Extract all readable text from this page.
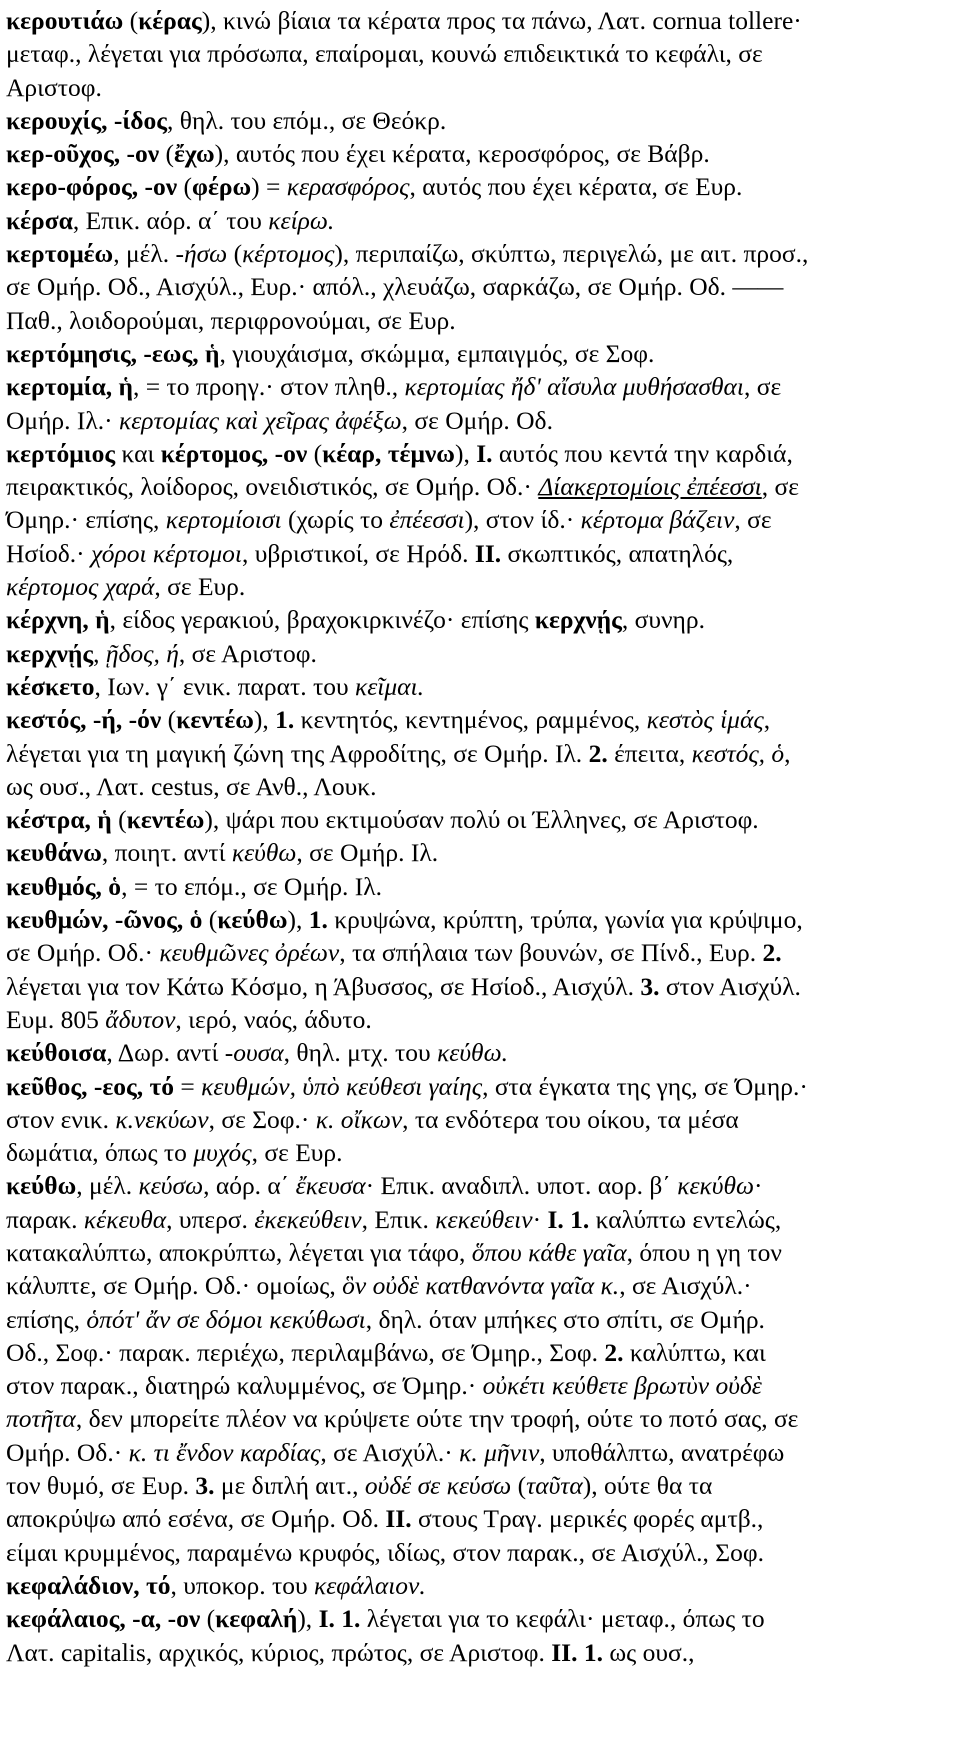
κερουτιάω (κέρας), κινώ βίαια τα κέρατα προς τα πάνω, Λατ. cornua tollere·
μεταφ., λέγεται για πρόσωπα, επαίρομαι, κουνώ επιδεικτικά το κεφάλι, σε
Αριστοφ.
κερουχίς, -ίδος, θηλ. του επόμ., σε Θεόκρ.
κερ-οῦχος, -ον (ἔχω), αυτός που έχει κέρατα, κεροσφόρος, σε Βάβρ.
κερο-φόρος, -ον (φέρω) = κερασφόρος, αυτός που έχει κέρατα, σε Ευρ.
κέρσα, Επικ. αόρ. α΄ του κείρω.
κερτομέω, μέλ. -ήσω (κέρτομος), περιπαίζω, σκύπτω, περιγελώ, με αιτ. προσ.,
σε Ομήρ. Οδ., Αισχύλ., Ευρ.· απόλ., χλευάζω, σαρκάζω, σε Ομήρ. Οδ. ——
Παθ., λοιδορούμαι, περιφρονούμαι, σε Ευρ.
κερτόμησις, -εως, ἡ, γιουχάισμα, σκώμμα, εμπαιγμός, σε Σοφ.
κερτομία, ἡ, = το προηγ.· στον πληθ., κερτομίας ἤδ' αἴσυλα μυθήσασθαι, σε
Ομήρ. Ιλ.· κερτομίας καὶ χεῖρας ἀφέξω, σε Ομήρ. Οδ.
κερτόμιος και κέρτομος, -ον (κέαρ, τέμνω), I. αυτός που κεντά την καρδιά,
πειρακτικός, λοίδορος, ονειδιστικός, σε Ομήρ. Οδ.· Δίακερτομίοις ἐπέεσσι, σε
Όμηρ.· επίσης, κερτομίοισι (χωρίς το ἐπέεσσι), στον ίδ.· κέρτομα βάζειν, σε
Ησίοδ.· χόροι κέρτομοι, υβριστικοί, σε Ηρόδ. II. σκωπτικός, απατηλός,
κέρτομος χαρά, σε Ευρ.
κέρχνη, ἡ, είδος γερακιού, βραχοκιρκινέζο· επίσης κερχνῄς, συνηρ.
κερχνῄς, ῇδος, ή, σε Αριστοφ.
κέσκετο, Ιων. γ΄ ενικ. παρατ. του κεῖμαι.
κεστός, -ή, -όν (κεντέω), 1. κεντητός, κεντημένος, ραμμένος, κεστὸς ἱμάς,
λέγεται για τη μαγική ζώνη της Αφροδίτης, σε Ομήρ. Ιλ. 2. έπειτα, κεστός, ὁ,
ως ουσ., Λατ. cestus, σε Ανθ., Λουκ.
κέστρα, ἡ (κεντέω), ψάρι που εκτιμούσαν πολύ οι Έλληνες, σε Αριστοφ.
κευθάνω, ποιητ. αντί κεύθω, σε Ομήρ. Ιλ.
κευθμός, ὁ, = το επόμ., σε Ομήρ. Ιλ.
κευθμών, -ῶνος, ὁ (κεύθω), 1. κρυψώνα, κρύπτη, τρύπα, γωνία για κρύψιμο,
σε Ομήρ. Οδ.· κευθμῶνες ὀρέων, τα σπήλαια των βουνών, σε Πίνδ., Ευρ. 2.
λέγεται για τον Κάτω Κόσμο, η Άβυσσος, σε Ησίοδ., Αισχύλ. 3. στον Αισχύλ.
Ευμ. 805 ἄδυτον, ιερό, ναός, άδυτο.
κεύθοισα, Δωρ. αντί -ουσα, θηλ. μτχ. του κεύθω.
κεῦθος, -εος, τό = κευθμών, ὑπὸ κεύθεσι γαίης, στα έγκατα της γης, σε Όμηρ.·
στον ενικ. κ.νεκύων, σε Σοφ.· κ. οἴκων, τα ενδότερα του οίκου, τα μέσα
δωμάτια, όπως το μυχός, σε Ευρ.
κεύθω, μέλ. κεύσω, αόρ. α΄ ἔκευσα· Επικ. αναδιπλ. υποτ. αορ. β΄ κεκύθω·
παρακ. κέκευθα, υπερσ. ἐκεκεύθειν, Επικ. κεκεύθειν· I. 1. καλύπτω εντελώς,
κατακαλύπτω, αποκρύπτω, λέγεται για τάφο, ὅπου κάθε γαῖα, όπου η γη τον
κάλυπτε, σε Ομήρ. Οδ.· ομοίως, ὃν οὐδὲ κατθανόντα γαῖα κ., σε Αισχύλ.·
επίσης, ὁπότ' ἄν σε δόμοι κεκύθωσι, δηλ. όταν μπήκες στο σπίτι, σε Ομήρ.
Οδ., Σοφ.· παρακ. περιέχω, περιλαμβάνω, σε Όμηρ., Σοφ. 2. καλύπτω, και
στον παρακ., διατηρώ καλυμμένος, σε Όμηρ.· οὐκέτι κεύθετε βρωτὺν οὐδὲ
ποτῆτα, δεν μπορείτε πλέον να κρύψετε ούτε την τροφή, ούτε το ποτό σας, σε
Ομήρ. Οδ.· κ. τι ἔνδον καρδίας, σε Αισχύλ.· κ. μῆνιν, υποθάλπτω, ανατρέφω
τον θυμό, σε Ευρ. 3. με διπλή αιτ., οὐδέ σε κεύσω (ταῦτα), ούτε θα τα
αποκρύψω από εσένα, σε Ομήρ. Οδ. II. στους Τραγ. μερικές φορές αμτβ.,
είμαι κρυμμένος, παραμένω κρυφός, ιδίως, στον παρακ., σε Αισχύλ., Σοφ.
κεφαλάδιον, τό, υποκορ. του κεφάλαιον.
κεφάλαιος, -α, -ον (κεφαλή), I. 1. λέγεται για το κεφάλι· μεταφ., όπως το
Λατ. capitalis, αρχικός, κύριος, πρώτος, σε Αριστοφ. II. 1. ως ουσ.,
